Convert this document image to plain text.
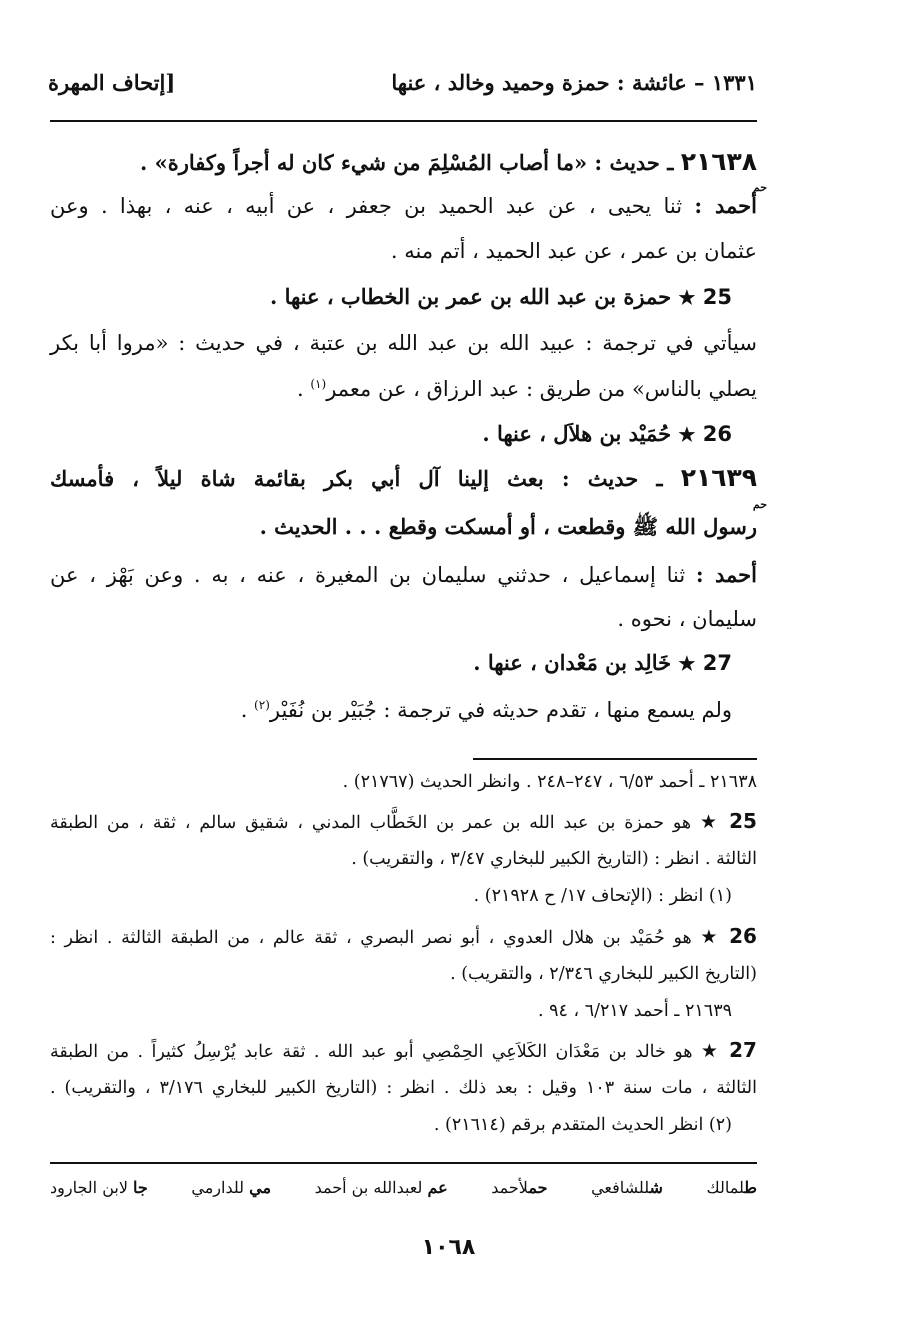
١٣٣١ – عائشة : حمزة وحميد وخالد ، عنها
[إتحاف المهرة
٢١٦٣٨ ـ حديث : «ما أصاب المُسْلِمَ من شيء كان له أجراً وكفارة» .
حم
أحمد : ثنا يحيى ، عن عبد الحميد بن جعفر ، عن أبيه ، عنه ، بهذا . وعن
عثمان بن عمر ، عن عبد الحميد ، أتم منه .
25 ★ حمزة بن عبد الله بن عمر بن الخطاب ، عنها .
سيأتي في ترجمة : عبيد الله بن عبد الله بن عتبة ، في حديث : «مروا أبا بكر
يصلي بالناس» من طريق : عبد الرزاق ، عن معمر$^{(١)}$ .
26 ★ حُمَيْد بن هلاَل ، عنها .
٢١٦٣٩ ـ حديث : بعث إلينا آل أبي بكر بقائمة شاة ليلاً ، فأمسك
حم
رسول الله ﷺ وقطعت ، أو أمسكت وقطع . . . الحديث .
أحمد : ثنا إسماعيل ، حدثني سليمان بن المغيرة ، عنه ، به . وعن بَهْز ، عن
سليمان ، نحوه .
27 ★ خَالِد بن مَعْدان ، عنها .
ولم يسمع منها ، تقدم حديثه في ترجمة : جُبَيْر بن نُفَيْر$^{(٢)}$ .
٢١٦٣٨ ـ أحمد ٦/٥٣ ، ٢٤٧–٢٤٨ . وانظر الحديث (٢١٧٦٧) .
25 ★ هو حمزة بن عبد الله بن عمر بن الخَطَّاب المدني ، شقيق سالم ، ثقة ، من الطبقة
الثالثة . انظر : (التاريخ الكبير للبخاري ٣/٤٧ ، والتقريب) .
(١) انظر : (الإتحاف ١٧/ ح ٢١٩٢٨) .
26 ★ هو حُمَيْد بن هلال العدوي ، أبو نصر البصري ، ثقة عالم ، من الطبقة الثالثة . انظر :
(التاريخ الكبير للبخاري ٢/٣٤٦ ، والتقريب) .
٢١٦٣٩ ـ أحمد ٦/٢١٧ ، ٩٤ .
27 ★ هو خالد بن مَعْدَان الكَلاَعِي الحِمْصِي أبو عبد الله . ثقة عابد يُرْسِلُ كثيراً . من الطبقة
الثالثة ، مات سنة ١٠٣ وقيل : بعد ذلك . انظر : (التاريخ الكبير للبخاري ٣/١٧٦ ، والتقريب) .
(٢) انظر الحديث المتقدم برقم (٢١٦١٤) .
طلمالك
شللشافعي
حملأحمد
عم لعبدالله بن أحمد
مي للدارمي
جا لابن الجارود
١٠٦٨
